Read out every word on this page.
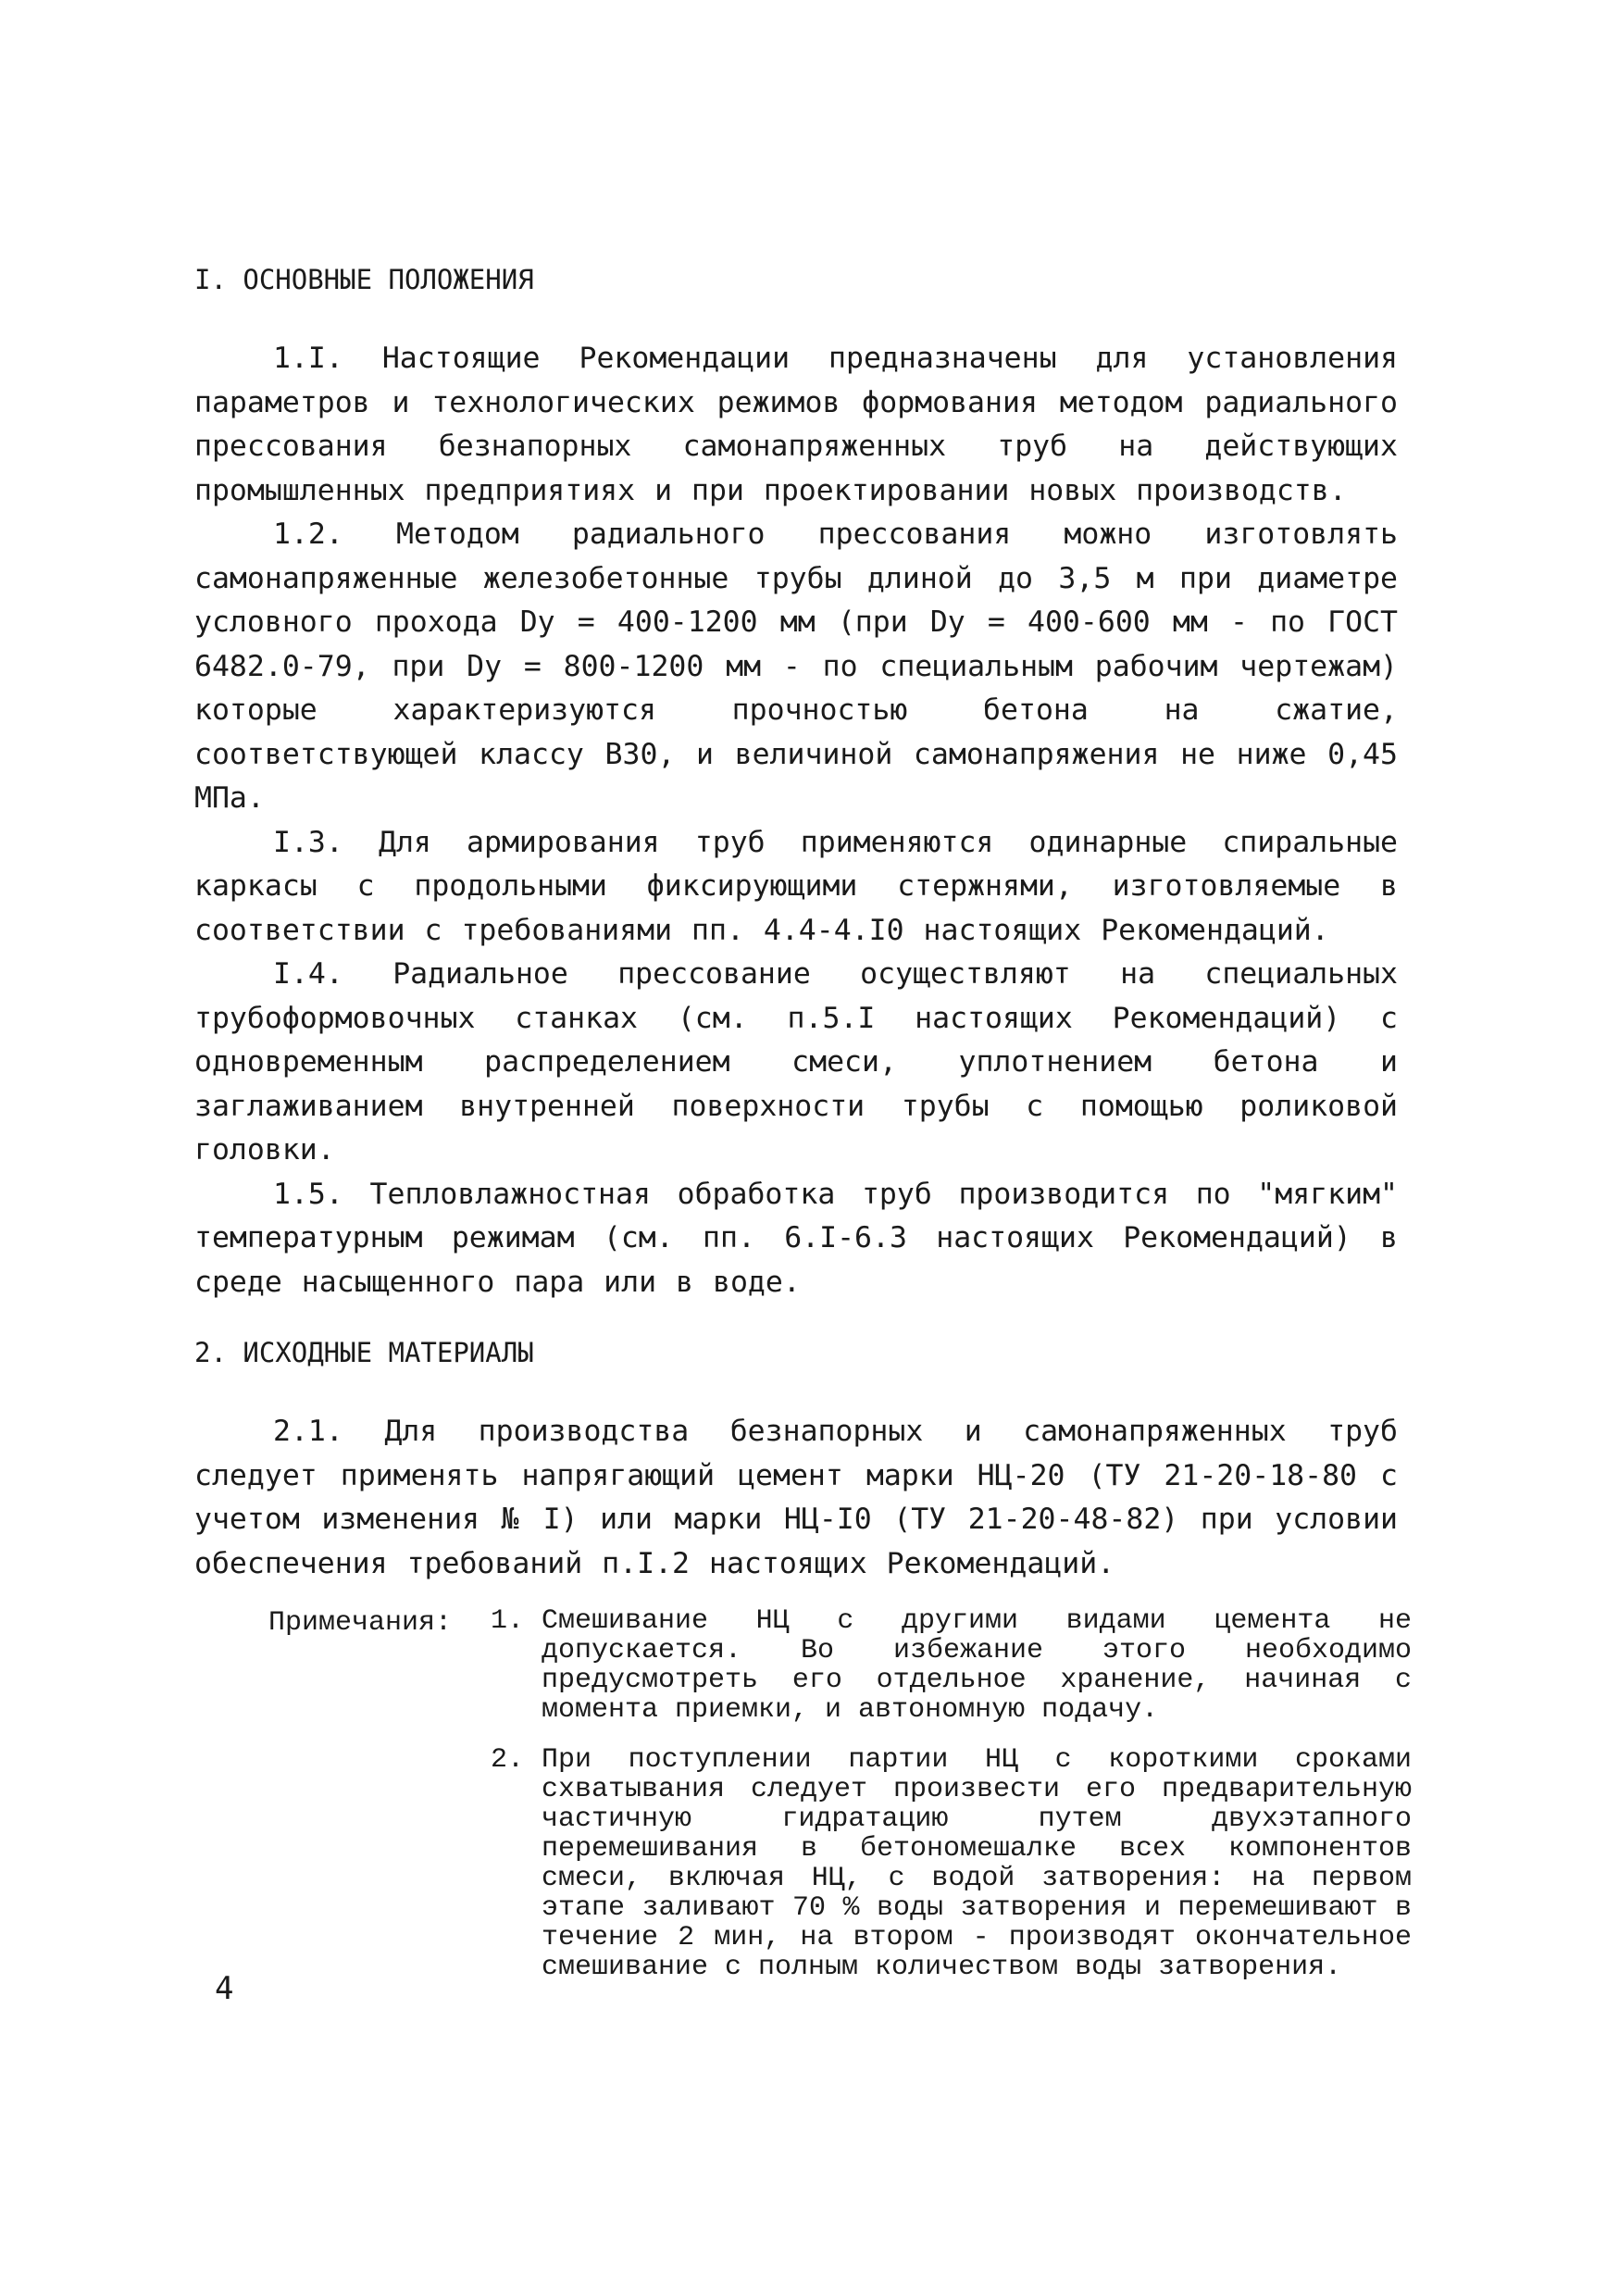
I. ОСНОВНЫЕ ПОЛОЖЕНИЯ

1.I. Настоящие Рекомендации предназначены для установления параметров и технологических режимов формования методом радиального прессования безнапорных самонапряженных труб на действующих промышленных предприятиях и при проектировании новых производств.

1.2. Методом радиального прессования можно изготовлять самонапряженные железобетонные трубы длиной до 3,5 м при диаметре условного прохода Dy = 400-1200 мм (при Dy = 400-600 мм - по ГОСТ 6482.0-79, при Dy = 800-1200 мм - по специальным рабочим чертежам) которые характеризуются прочностью бетона на сжатие, соответствующей классу В30, и величиной самонапряжения не ниже 0,45 МПа.

I.3. Для армирования труб применяются одинарные спиральные каркасы с продольными фиксирующими стержнями, изготовляемые в соответствии с требованиями пп. 4.4-4.I0 настоящих Рекомендаций.

I.4. Радиальное прессование осуществляют на специальных трубоформовочных станках (см. п.5.I настоящих Рекомендаций) с одновременным распределением смеси, уплотнением бетона и заглаживанием внутренней поверхности трубы с помощью роликовой головки.

1.5. Тепловлажностная обработка труб производится по "мягким" температурным режимам (см. пп. 6.I-6.3 настоящих Рекомендаций) в среде насыщенного пара или в воде.

2. ИСХОДНЫЕ МАТЕРИАЛЫ

2.1. Для производства безнапорных и самонапряженных труб следует применять напрягающий цемент марки НЦ-20 (ТУ 21-20-18-80 с учетом изменения № I) или марки НЦ-I0 (ТУ 21-20-48-82) при условии обеспечения требований п.I.2 настоящих Рекомендаций.

Примечания: 1. Смешивание НЦ с другими видами цемента не допускается. Во избежание этого необходимо предусмотреть его отдельное хранение, начиная с момента приемки, и автономную подачу.
2. При поступлении партии НЦ с короткими сроками схватывания следует произвести его предварительную частичную гидратацию путем двухэтапного перемешивания в бетономешалке всех компонентов смеси, включая НЦ, с водой затворения: на первом этапе заливают 70 % воды затворения и перемешивают в течение 2 мин, на втором - производят окончательное смешивание с полным количеством воды затворения.
4
